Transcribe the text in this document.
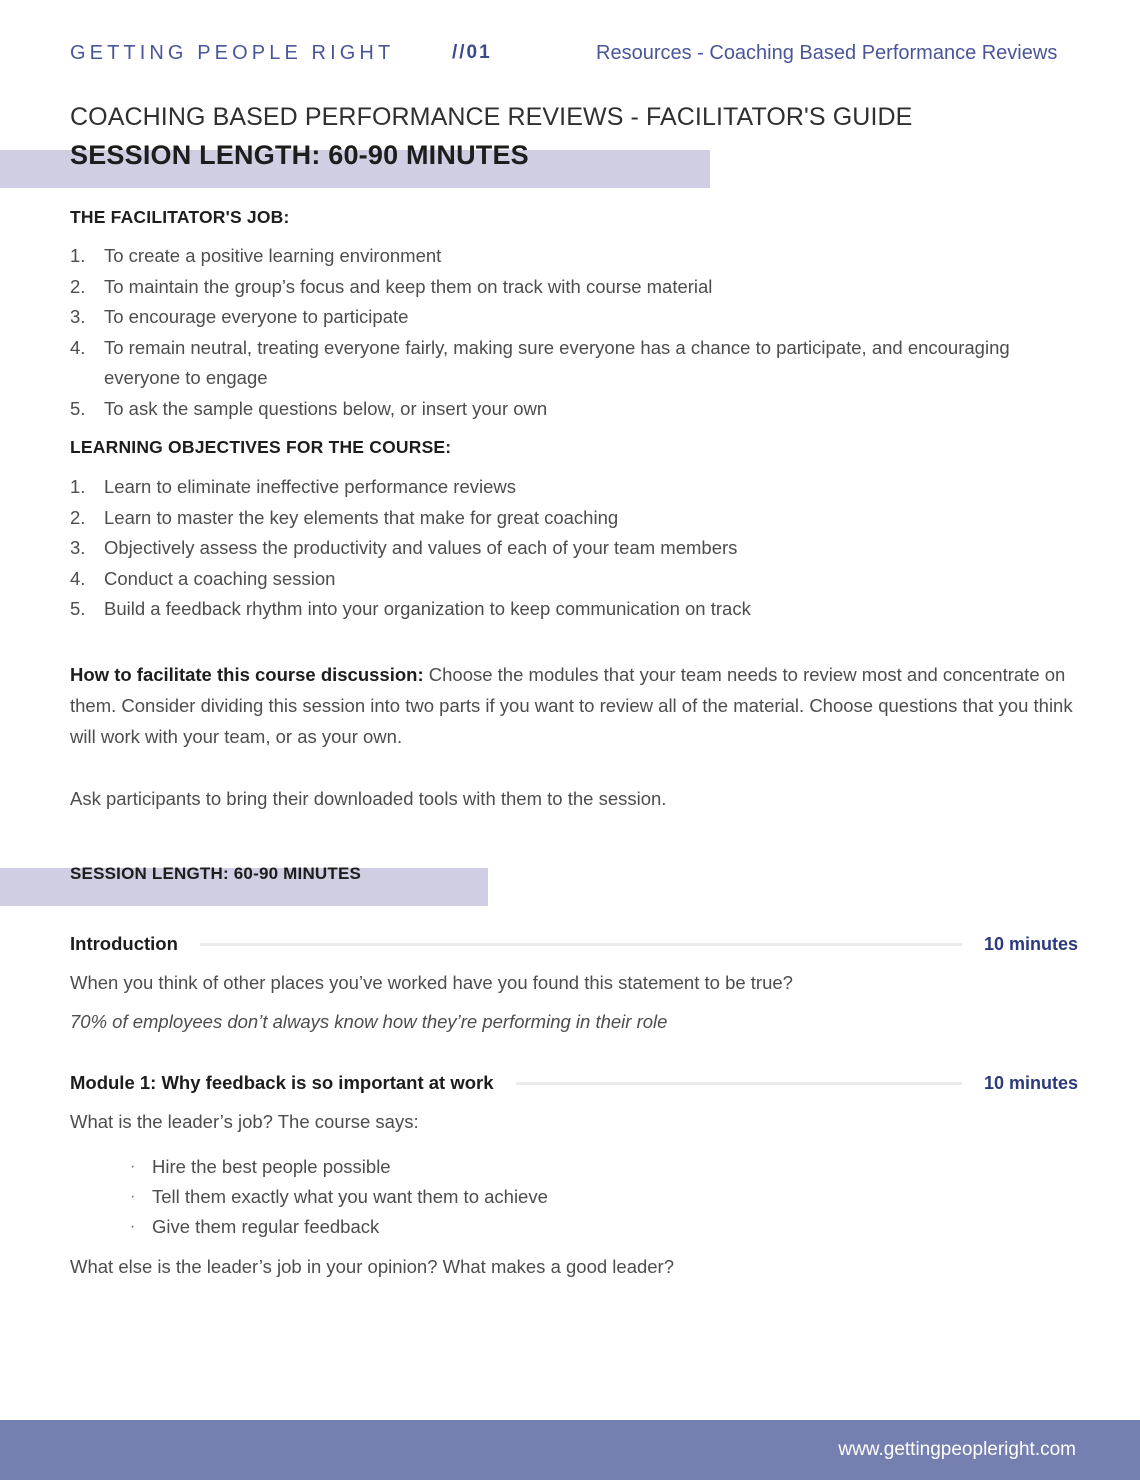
GETTING PEOPLE RIGHT	//01	Resources - Coaching Based Performance Reviews
COACHING BASED PERFORMANCE REVIEWS - FACILITATOR'S GUIDE
SESSION LENGTH: 60-90 MINUTES
THE FACILITATOR'S JOB:
1.	To create a positive learning environment
2.	To maintain the group’s focus and keep them on track with course material
3.	To encourage everyone to participate
4.	To remain neutral, treating everyone fairly, making sure everyone has a chance to participate, and encouraging everyone to engage
5.	To ask the sample questions below, or insert your own
LEARNING OBJECTIVES FOR THE COURSE:
1.	Learn to eliminate ineffective performance reviews
2.	Learn to master the key elements that make for great coaching
3.	Objectively assess the productivity and values of each of your team members
4.	Conduct a coaching session
5.	Build a feedback rhythm into your organization to keep communication on track
How to facilitate this course discussion: Choose the modules that your team needs to review most and concentrate on them. Consider dividing this session into two parts if you want to review all of the material. Choose questions that you think will work with your team, or as your own.
Ask participants to bring their downloaded tools with them to the session.
SESSION LENGTH: 60-90 MINUTES
Introduction	10 minutes
When you think of other places you’ve worked have you found this statement to be true?
70% of employees don’t always know how they’re performing in their role
Module 1: Why feedback is so important at work	10 minutes
What is the leader’s job? The course says:
· Hire the best people possible
· Tell them exactly what you want them to achieve
· Give them regular feedback
What else is the leader’s job in your opinion? What makes a good leader?
www.gettingpeopleright.com
